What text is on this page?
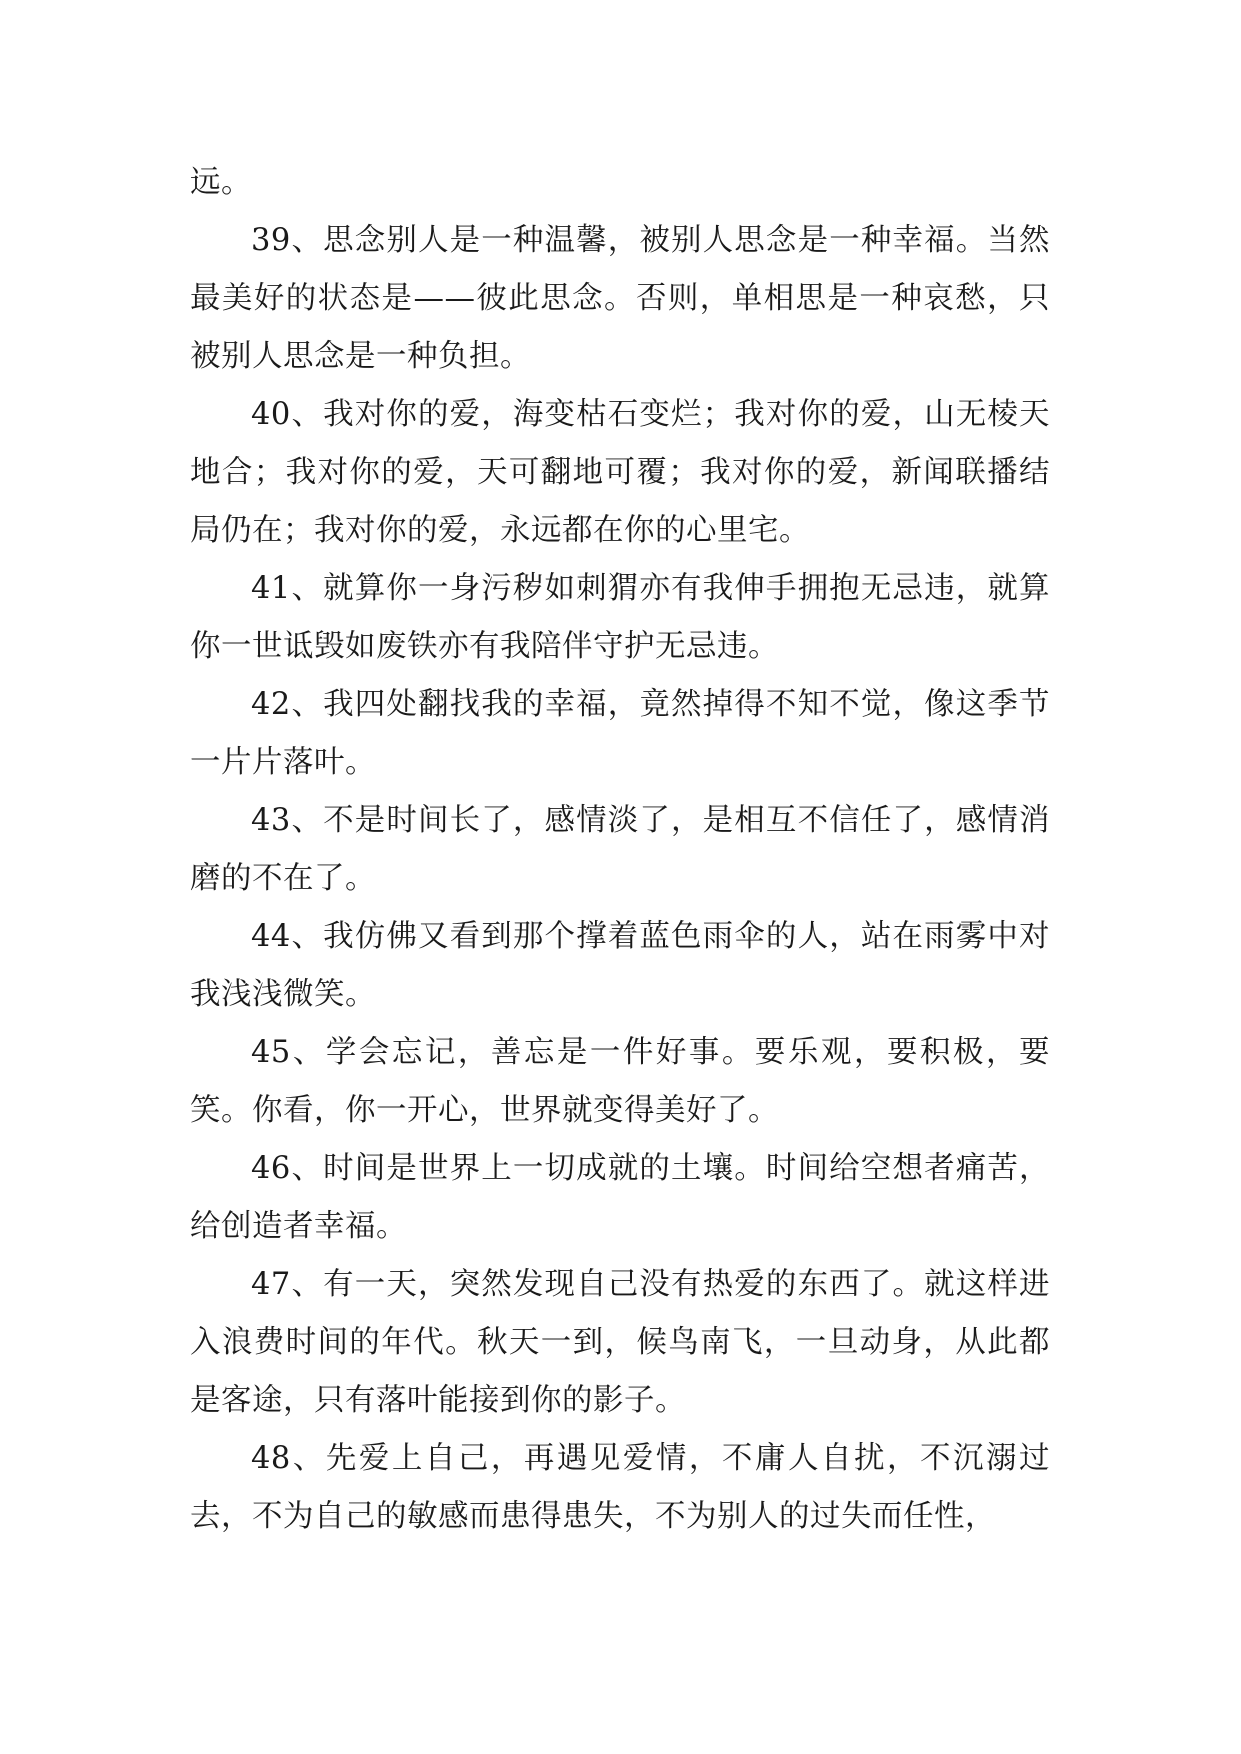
远。

39、思念别人是一种温馨，被别人思念是一种幸福。当然最美好的状态是——彼此思念。否则，单相思是一种哀愁，只被别人思念是一种负担。

40、我对你的爱，海变枯石变烂；我对你的爱，山无棱天地合；我对你的爱，天可翻地可覆；我对你的爱，新闻联播结局仍在；我对你的爱，永远都在你的心里宅。

41、就算你一身污秽如刺猬亦有我伸手拥抱无忌违，就算你一世诋毁如废铁亦有我陪伴守护无忌违。

42、我四处翻找我的幸福，竟然掉得不知不觉，像这季节一片片落叶。

43、不是时间长了，感情淡了，是相互不信任了，感情消磨的不在了。

44、我仿佛又看到那个撑着蓝色雨伞的人，站在雨雾中对我浅浅微笑。

45、学会忘记，善忘是一件好事。要乐观，要积极，要笑。你看，你一开心，世界就变得美好了。

46、时间是世界上一切成就的土壤。时间给空想者痛苦，给创造者幸福。

47、有一天，突然发现自己没有热爱的东西了。就这样进入浪费时间的年代。秋天一到，候鸟南飞，一旦动身，从此都是客途，只有落叶能接到你的影子。

48、先爱上自己，再遇见爱情，不庸人自扰，不沉溺过去，不为自己的敏感而患得患失，不为别人的过失而任性，
